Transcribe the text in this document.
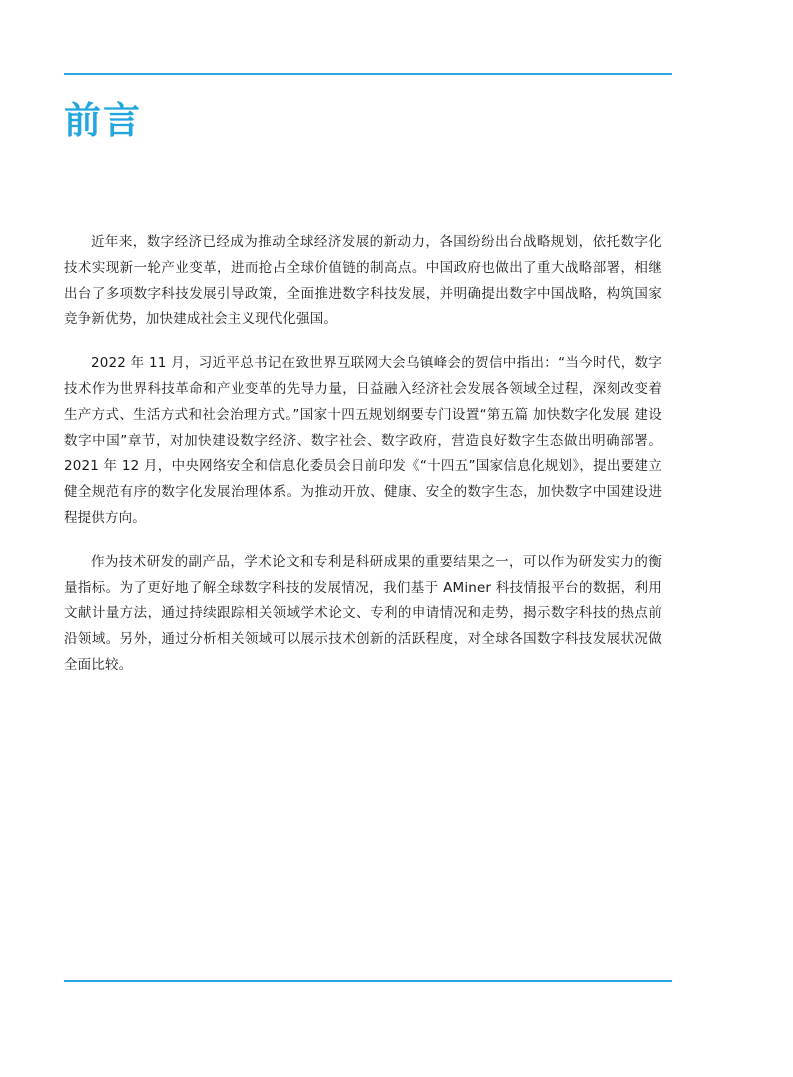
前言

近年来，数字经济已经成为推动全球经济发展的新动力，各国纷纷出台战略规划，依托数字化技术实现新一轮产业变革，进而抢占全球价值链的制高点。中国政府也做出了重大战略部署，相继出台了多项数字科技发展引导政策，全面推进数字科技发展，并明确提出数字中国战略，构筑国家竞争新优势，加快建成社会主义现代化强国。

2022 年 11 月，习近平总书记在致世界互联网大会乌镇峰会的贺信中指出：“当今时代，数字技术作为世界科技革命和产业变革的先导力量，日益融入经济社会发展各领域全过程，深刻改变着生产方式、生活方式和社会治理方式。”国家十四五规划纲要专门设置“第五篇 加快数字化发展 建设数字中国”章节，对加快建设数字经济、数字社会、数字政府，营造良好数字生态做出明确部署。2021 年 12 月，中央网络安全和信息化委员会日前印发《“十四五”国家信息化规划》，提出要建立健全规范有序的数字化发展治理体系。为推动开放、健康、安全的数字生态，加快数字中国建设进程提供方向。

作为技术研发的副产品，学术论文和专利是科研成果的重要结果之一，可以作为研发实力的衡量指标。为了更好地了解全球数字科技的发展情况，我们基于 AMiner 科技情报平台的数据，利用文献计量方法，通过持续跟踪相关领域学术论文、专利的申请情况和走势，揭示数字科技的热点前沿领域。另外，通过分析相关领域可以展示技术创新的活跃程度，对全球各国数字科技发展状况做全面比较。
